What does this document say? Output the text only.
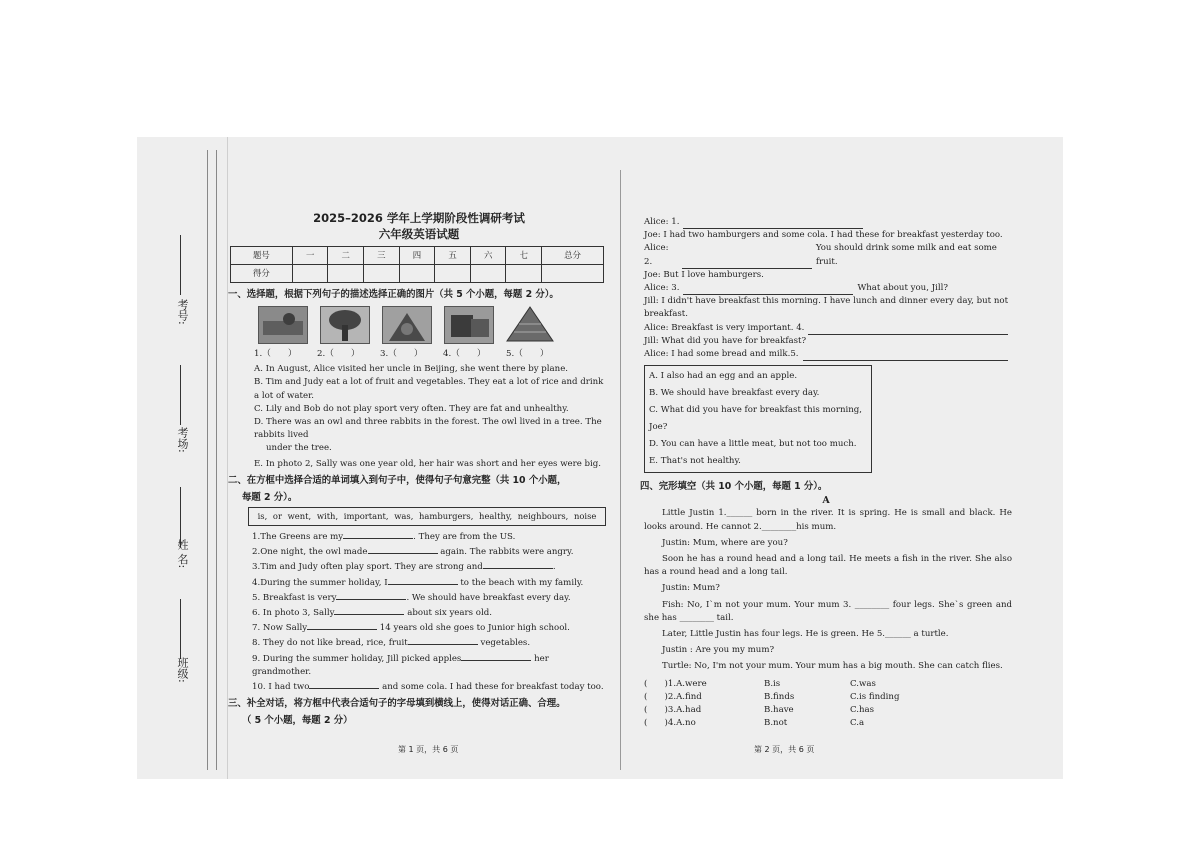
考号:
考场:
姓 名:
班级:
2025–2026 学年上学期阶段性调研考试
六年级英语试题
题号	一	二	三	四	五	六	七	总分
得分								
一、选择题，根据下列句子的描述选择正确的图片（共 5 个小题，每题 2 分）。
1.（　　） 2.（　　） 3.（　　） 4.（　　） 5.（　　）
A. In August, Alice visited her uncle in Beijing, she went there by plane.
B. Tim and Judy eat a lot of fruit and vegetables. They eat a lot of rice and drink a lot of water.
C. Lily and Bob do not play sport very often. They are fat and unhealthy.
D. There was an owl and three rabbits in the forest. The owl lived in a tree. The rabbits lived
under the tree.
E. In photo 2, Sally was one year old, her hair was short and her eyes were big.
二、在方框中选择合适的单词填入到句子中，使得句子句意完整（共 10 个小题，
每题 2 分）。
is, or went, with, important, was, hamburgers, healthy, neighbours, noise
1.The Greens are my	. They are from the US.
2.One night, the owl made	again. The rabbits were angry.
3.Tim and Judy often play sport. They are strong and	.
4.During the summer holiday, I	to the beach with my family.
5. Breakfast is very	. We should have breakfast every day.
6. In photo 3, Sally	about six years old.
7. Now Sally	14 years old she goes to Junior high school.
8. They do not like bread, rice, fruit	vegetables.
9. During the summer holiday, Jill picked apples	her grandmother.
10. I had two	and some cola. I had these for breakfast today too.
三、补全对话，将方框中代表合适句子的字母填到横线上，使得对话正确、合理。
（ 5 个小题，每题 2 分）
第 1 页，共 6 页
Alice: 1.
Joe: I had two hamburgers and some cola. I had these for breakfast yesterday too.
Alice: 2.
You should drink some milk and eat some fruit.
Joe: But I love hamburgers.
Alice: 3.	What about you, Jill?
Jill: I didn't have breakfast this morning. I have lunch and dinner every day, but not breakfast.
Alice: Breakfast is very important. 4.
Jill: What did you have for breakfast?
Alice: I had some bread and milk.5.
A. I also had an egg and an apple.
B. We should have breakfast every day.
C. What did you have for breakfast this morning, Joe?
D. You can have a little meat, but not too much.
E. That's not healthy.
四、完形填空（共 10 个小题，每题 1 分）。
A
Little Justin 1.______ born in the river. It is spring. He is small and black. He looks around. He cannot 2.________his mum.
Justin: Mum, where are you?
Soon he has a round head and a long tail. He meets a fish in the river. She also has a round head and a long tail.
Justin: Mum?
Fish: No, I`m not your mum. Your mum 3. ________ four legs. She`s green and she has ________ tail.
Later, Little Justin has four legs. He is green. He 5.______ a turtle.
Justin : Are you my mum?
Turtle: No, I'm not your mum. Your mum has a big mouth. She can catch flies.
(　　)1.A.were	B.is	C.was
(　　)2.A.find	B.finds	C.is finding
(　　)3.A.had	B.have	C.has
(　　)4.A.no	B.not	C.a
第 2 页，共 6 页
